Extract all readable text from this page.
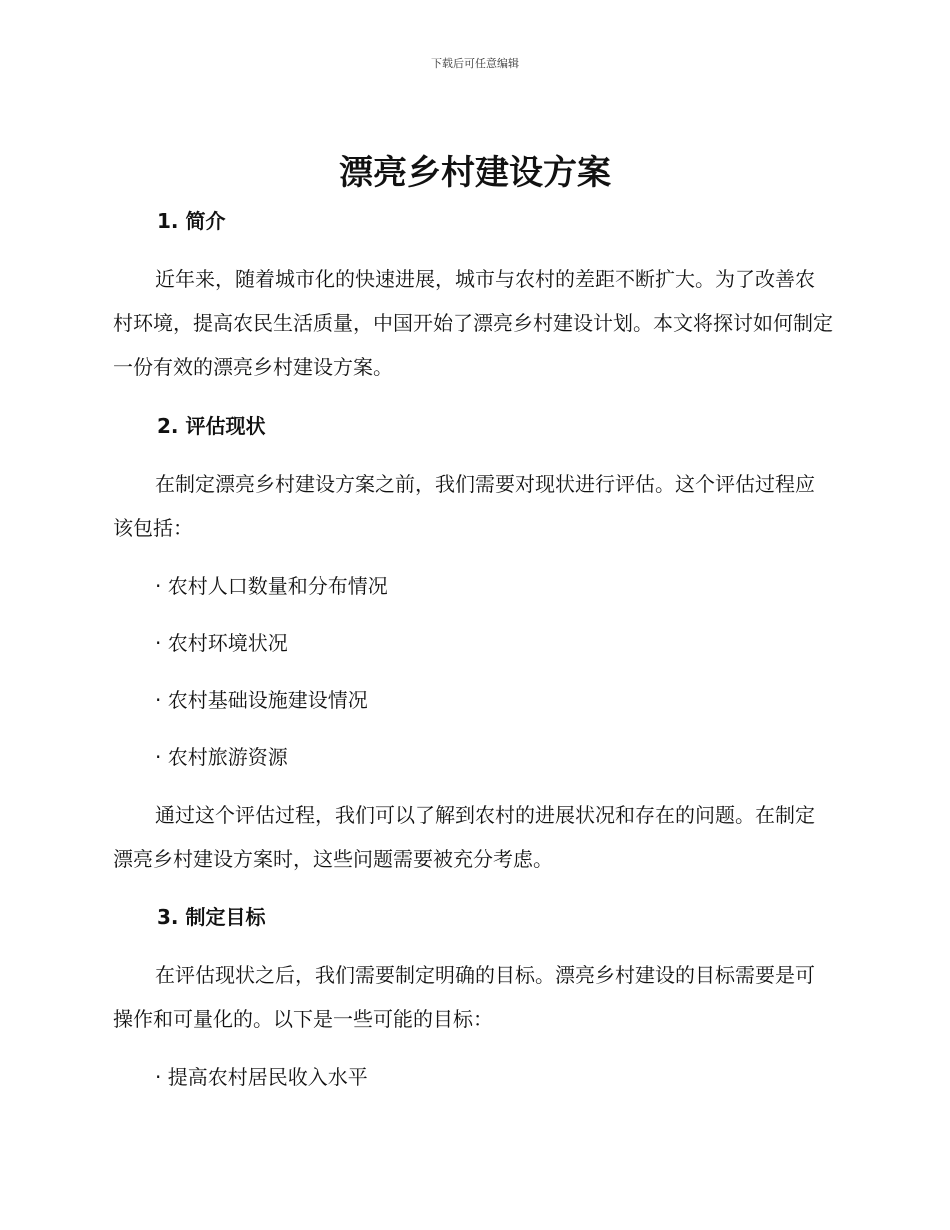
下载后可任意编辑
漂亮乡村建设方案
1. 简介

近年来，随着城市化的快速进展，城市与农村的差距不断扩大。为了改善农村环境，提高农民生活质量，中国开始了漂亮乡村建设计划。本文将探讨如何制定一份有效的漂亮乡村建设方案。

2. 评估现状

在制定漂亮乡村建设方案之前，我们需要对现状进行评估。这个评估过程应该包括：

· 农村人口数量和分布情况
· 农村环境状况
· 农村基础设施建设情况
· 农村旅游资源

通过这个评估过程，我们可以了解到农村的进展状况和存在的问题。在制定漂亮乡村建设方案时，这些问题需要被充分考虑。

3. 制定目标

在评估现状之后，我们需要制定明确的目标。漂亮乡村建设的目标需要是可操作和可量化的。以下是一些可能的目标：

· 提高农村居民收入水平
